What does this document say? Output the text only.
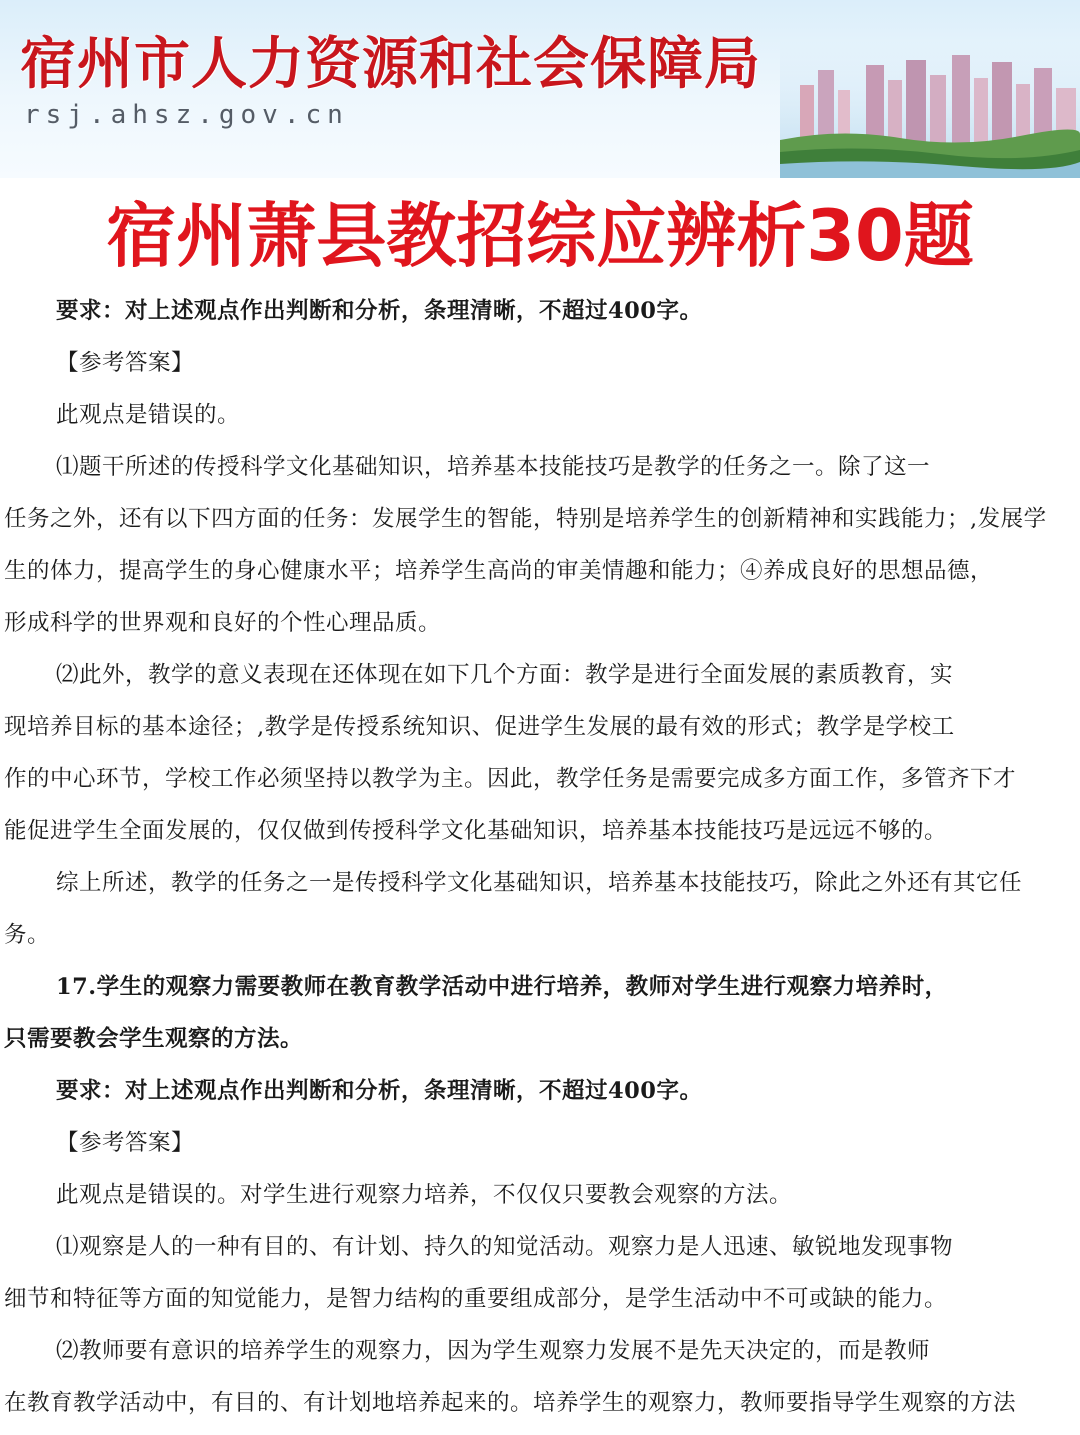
宿州市人力资源和社会保障局
rsj.ahsz.gov.cn
宿州萧县教招综应辨析30题

要求：对上述观点作出判断和分析，条理清晰，不超过400字。

【参考答案】

此观点是错误的。

⑴题干所述的传授科学文化基础知识，培养基本技能技巧是教学的任务之一。除了这一
任务之外，还有以下四方面的任务：发展学生的智能，特别是培养学生的创新精神和实践能力；,发展学
生的体力，提高学生的身心健康水平；培养学生高尚的审美情趣和能力；④养成良好的思想品德，
形成科学的世界观和良好的个性心理品质。

⑵此外，教学的意义表现在还体现在如下几个方面：教学是进行全面发展的素质教育，实
现培养目标的基本途径；,教学是传授系统知识、促进学生发展的最有效的形式；教学是学校工
作的中心环节，学校工作必须坚持以教学为主。因此，教学任务是需要完成多方面工作，多管齐下才
能促进学生全面发展的，仅仅做到传授科学文化基础知识，培养基本技能技巧是远远不够的。

综上所述，教学的任务之一是传授科学文化基础知识，培养基本技能技巧，除此之外还有其它任
务。

17.学生的观察力需要教师在教育教学活动中进行培养，教师对学生进行观察力培养时，
只需要教会学生观察的方法。

要求：对上述观点作出判断和分析，条理清晰，不超过400字。

【参考答案】

此观点是错误的。对学生进行观察力培养，不仅仅只要教会观察的方法。

⑴观察是人的一种有目的、有计划、持久的知觉活动。观察力是人迅速、敏锐地发现事物
细节和特征等方面的知觉能力，是智力结构的重要组成部分，是学生活动中不可或缺的能力。

⑵教师要有意识的培养学生的观察力，因为学生观察力发展不是先天决定的，而是教师
在教育教学活动中，有目的、有计划地培养起来的。培养学生的观察力，教师要指导学生观察的方法
